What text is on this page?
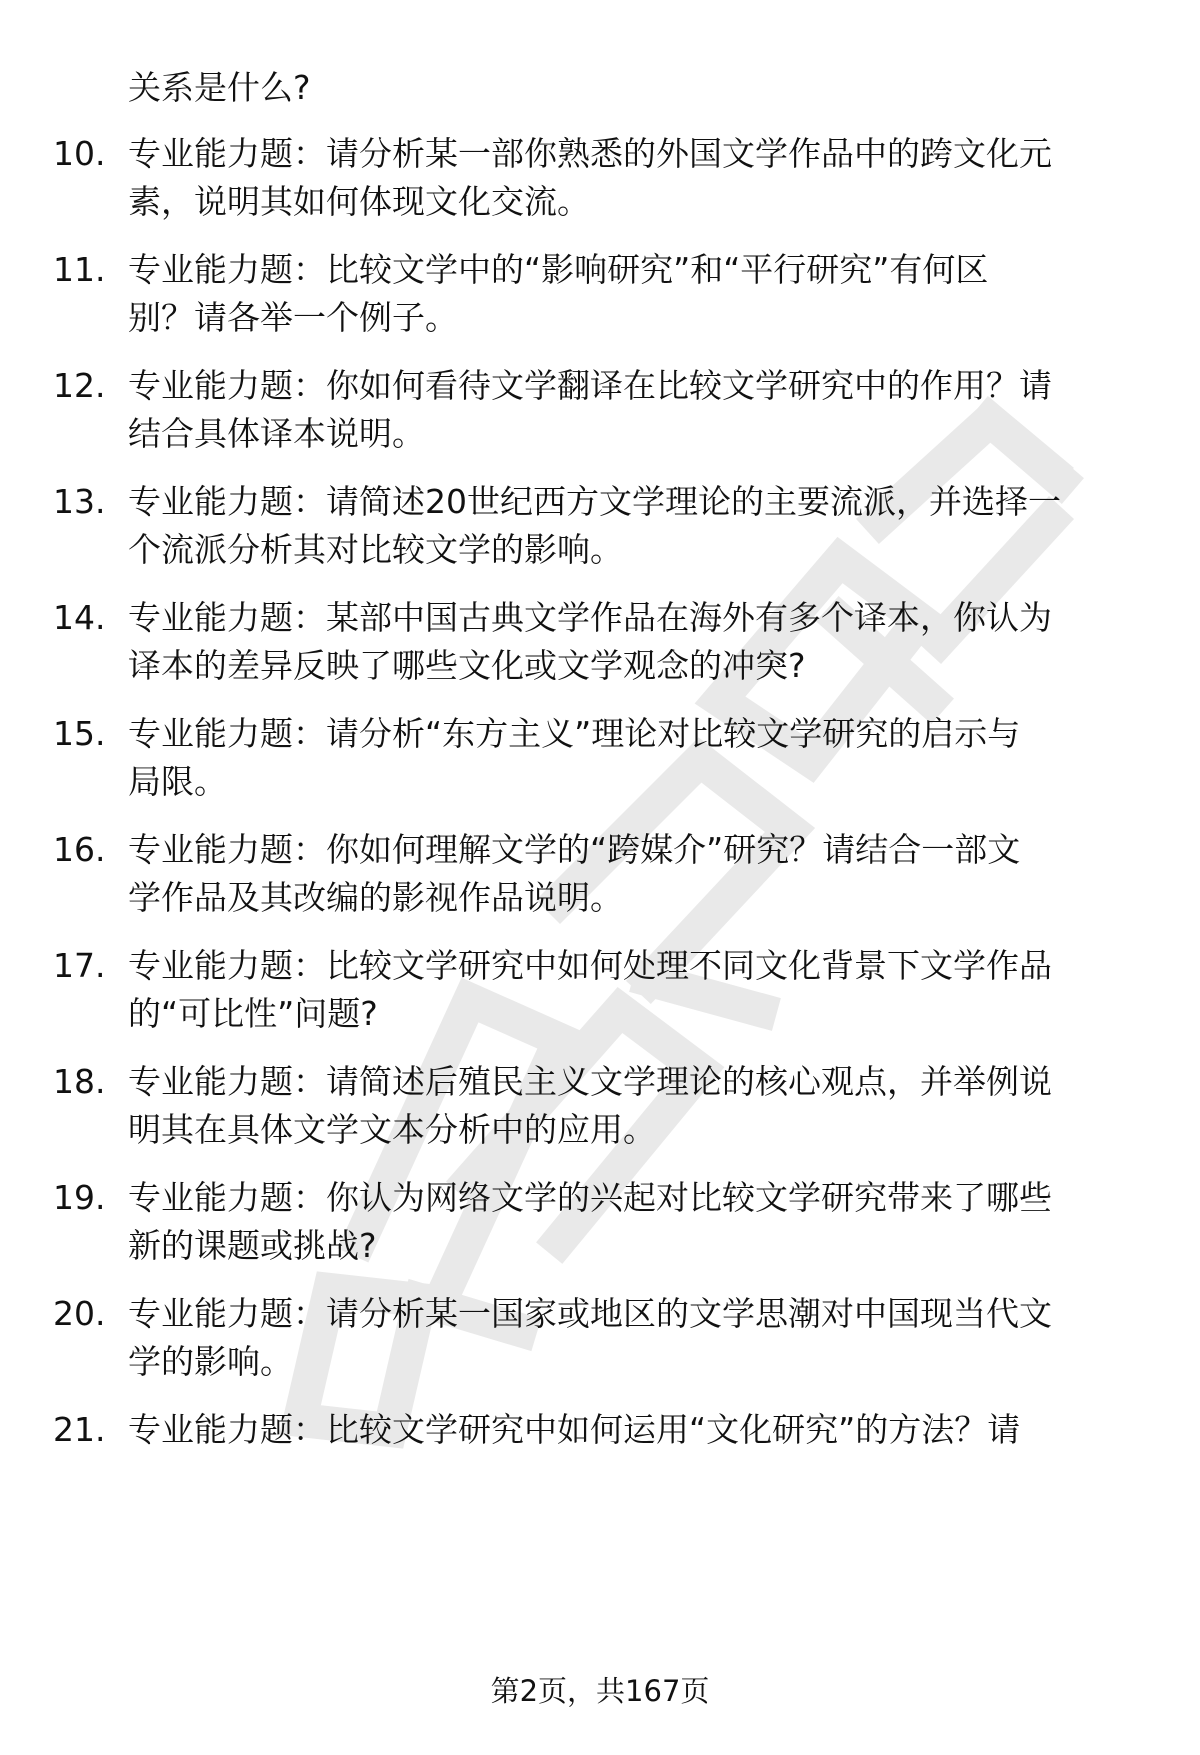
关系是什么?
10. 专业能力题：请分析某一部你熟悉的外国文学作品中的跨文化元
素，说明其如何体现文化交流。
11. 专业能力题：比较文学中的“影响研究”和“平行研究”有何区
别？请各举一个例子。
12. 专业能力题：你如何看待文学翻译在比较文学研究中的作用？请
结合具体译本说明。
13. 专业能力题：请简述20世纪西方文学理论的主要流派，并选择一
个流派分析其对比较文学的影响。
14. 专业能力题：某部中国古典文学作品在海外有多个译本，你认为
译本的差异反映了哪些文化或文学观念的冲突?
15. 专业能力题：请分析“东方主义”理论对比较文学研究的启示与
局限。
16. 专业能力题：你如何理解文学的“跨媒介”研究？请结合一部文
学作品及其改编的影视作品说明。
17. 专业能力题：比较文学研究中如何处理不同文化背景下文学作品
的“可比性”问题?
18. 专业能力题：请简述后殖民主义文学理论的核心观点，并举例说
明其在具体文学文本分析中的应用。
19. 专业能力题：你认为网络文学的兴起对比较文学研究带来了哪些
新的课题或挑战?
20. 专业能力题：请分析某一国家或地区的文学思潮对中国现当代文
学的影响。
21. 专业能力题：比较文学研究中如何运用“文化研究”的方法？请
第2页，共167页
